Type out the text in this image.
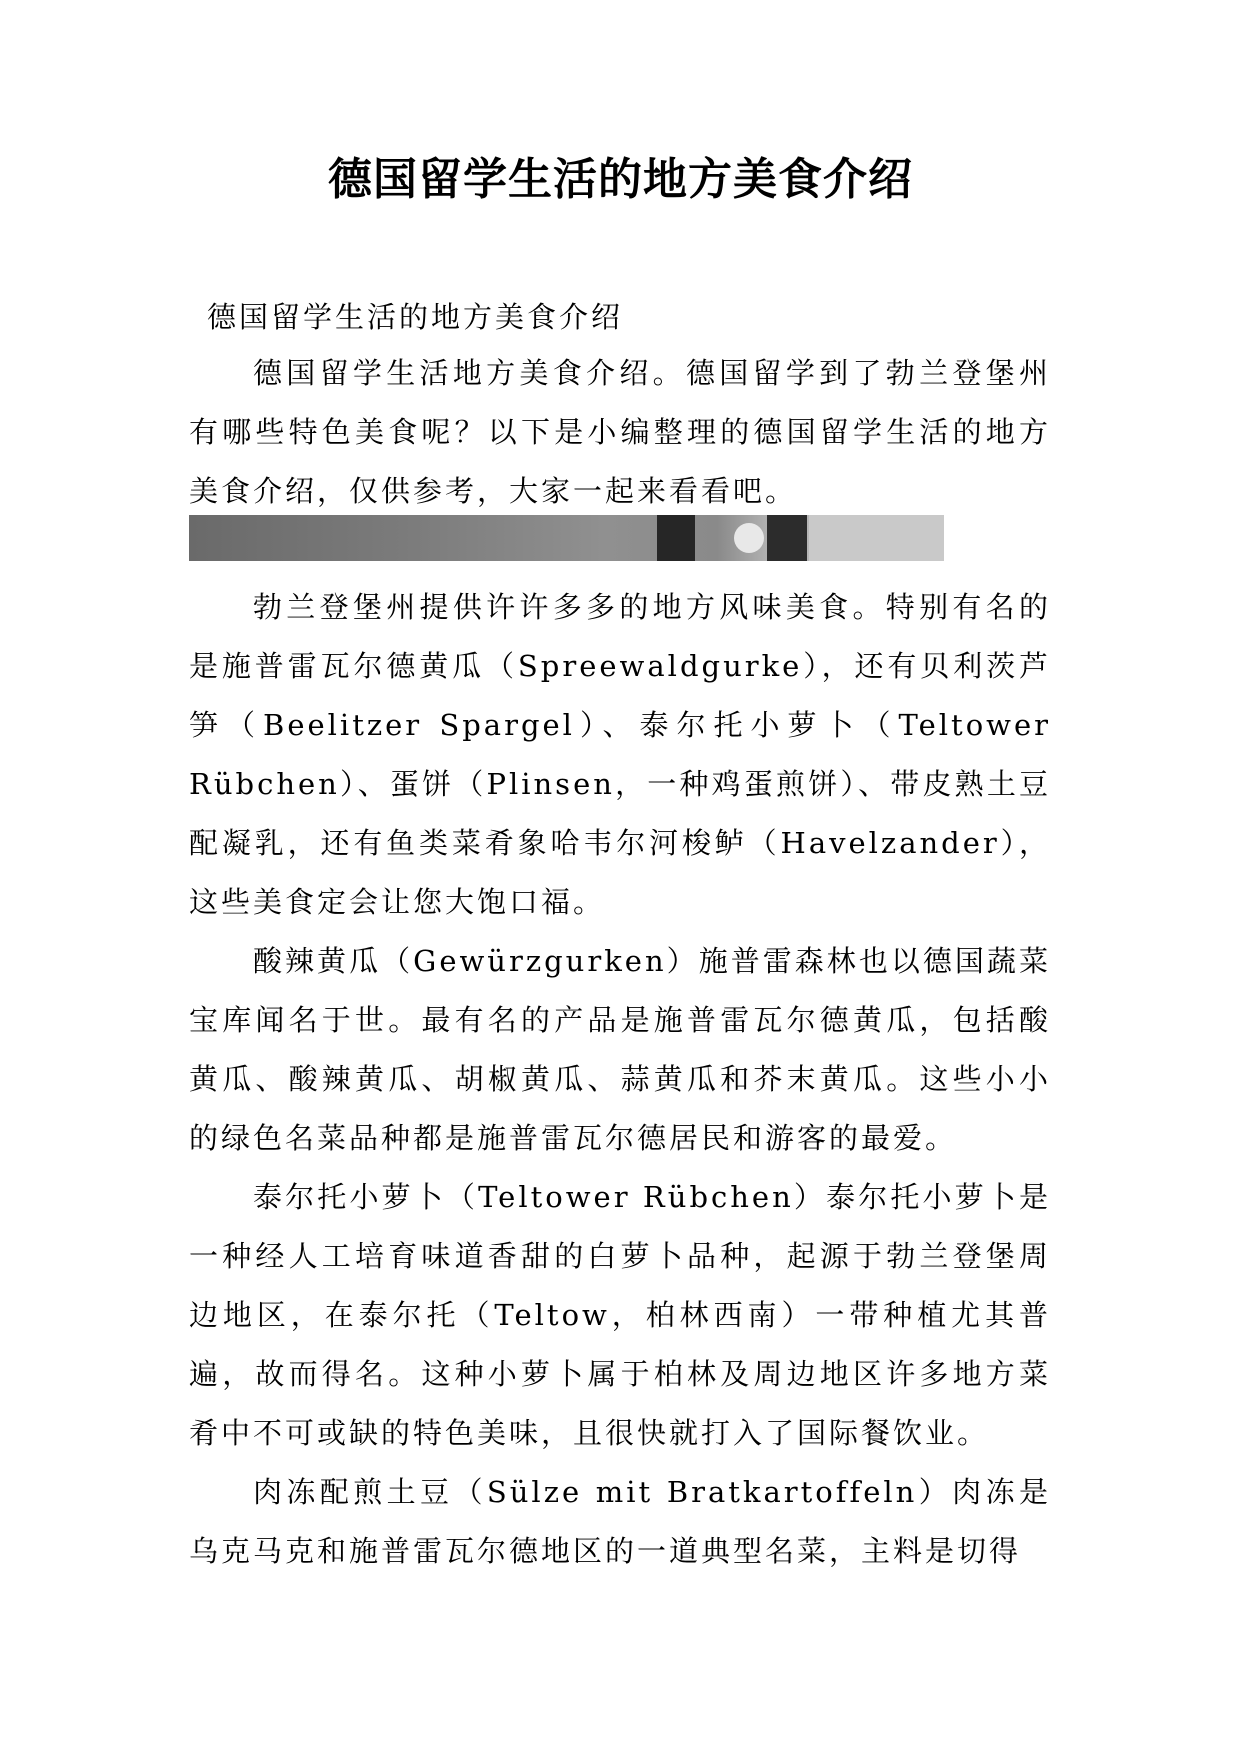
德国留学生活的地方美食介绍
德国留学生活的地方美食介绍

德国留学生活地方美食介绍。德国留学到了勃兰登堡州有哪些特色美食呢？以下是小编整理的德国留学生活的地方美食介绍，仅供参考，大家一起来看看吧。

勃兰登堡州提供许许多多的地方风味美食。特别有名的是施普雷瓦尔德黄瓜（Spreewaldgurke），还有贝利茨芦笋（Beelitzer Spargel）、泰尔托小萝卜（Teltower Rübchen）、蛋饼（Plinsen，一种鸡蛋煎饼）、带皮熟土豆配凝乳，还有鱼类菜肴象哈韦尔河梭鲈（Havelzander），这些美食定会让您大饱口福。

酸辣黄瓜（Gewürzgurken）施普雷森林也以德国蔬菜宝库闻名于世。最有名的产品是施普雷瓦尔德黄瓜，包括酸黄瓜、酸辣黄瓜、胡椒黄瓜、蒜黄瓜和芥末黄瓜。这些小小的绿色名菜品种都是施普雷瓦尔德居民和游客的最爱。

泰尔托小萝卜（Teltower Rübchen）泰尔托小萝卜是一种经人工培育味道香甜的白萝卜品种，起源于勃兰登堡周边地区，在泰尔托（Teltow，柏林西南）一带种植尤其普遍，故而得名。这种小萝卜属于柏林及周边地区许多地方菜肴中不可或缺的特色美味，且很快就打入了国际餐饮业。

肉冻配煎土豆（Sülze mit Bratkartoffeln）肉冻是乌克马克和施普雷瓦尔德地区的一道典型名菜，主料是切得
